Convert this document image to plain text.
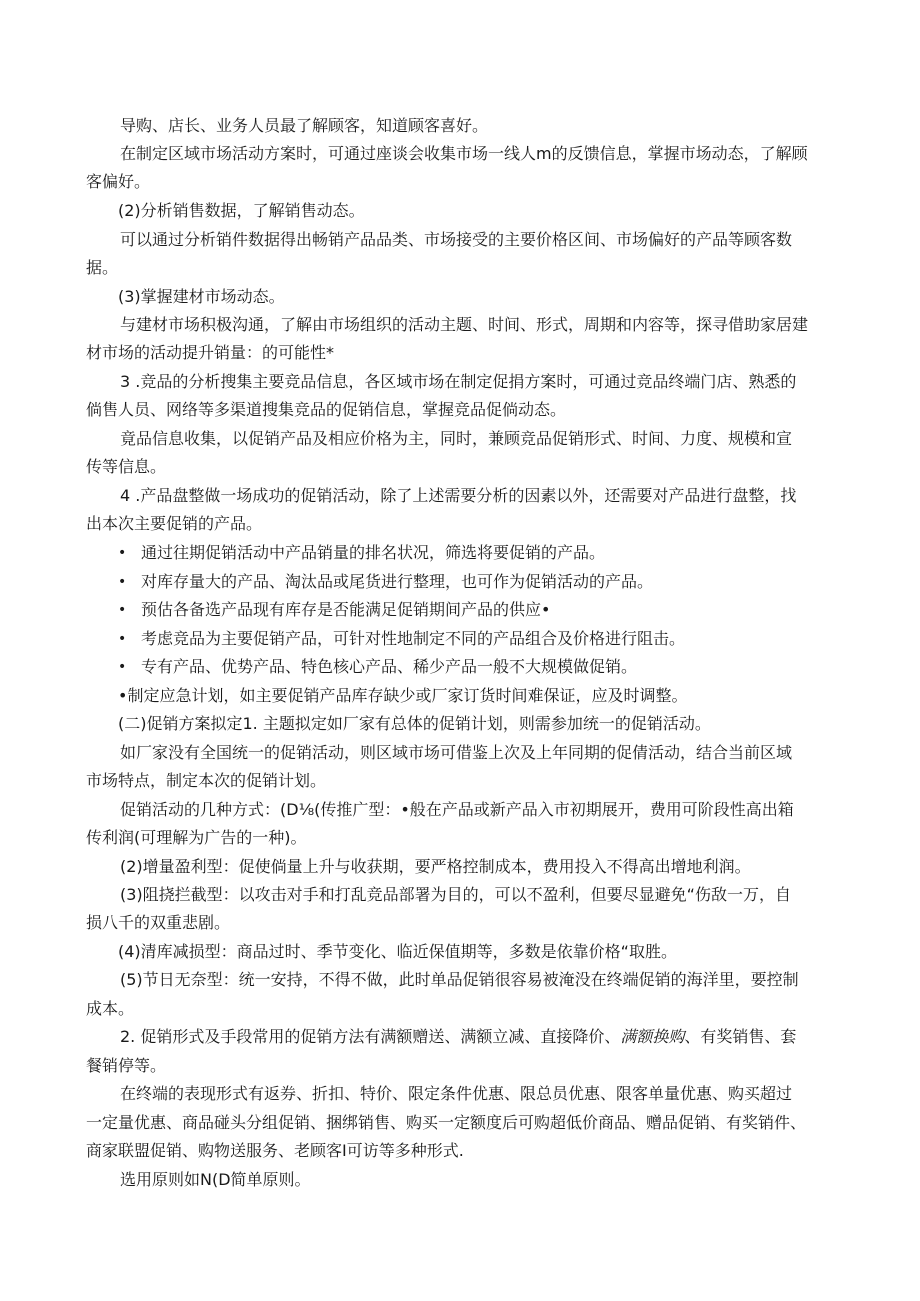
导购、店长、业务人员最了解顾客，知道顾客喜好。
在制定区域市场活动方案时，可通过座谈会收集市场一线人m的反馈信息，掌握市场动态，了解顾
客偏好。
(2)分析销售数据，了解销售动态。
可以通过分析销件数据得出畅销产品品类、市场接受的主要价格区间、市场偏好的产品等顾客数
据。
(3)掌握建材市场动态。
与建材市场积极沟通，了解由市场组织的活动主题、时间、形式，周期和内容等，探寻借助家居建
材市场的活动提升销量：的可能性*
3 .竞品的分析搜集主要竞品信息，各区域市场在制定促捐方案时，可通过竞品终端门店、熟悉的
倘售人员、网络等多渠道搜集竞品的促销信息，掌握竞品促倘动态。
竟品信息收集，以促销产品及相应价格为主，同时，兼顾竞品促销形式、时间、力度、规模和宣
传等信息。
4 .产品盘整做一场成功的促销活动，除了上述需要分析的因素以外，还需要对产品进行盘整，找
出本次主要促销的产品。
• 通过往期促销活动中产品销量的排名状况，筛选将要促销的产品。
• 对库存量大的产品、淘汰品或尾货进行整理，也可作为促销活动的产品。
• 预估各备选产品现有库存是否能满足促销期间产品的供应•
• 考虑竞品为主要促销产品，可针对性地制定不同的产品组合及价格进行阻击。
• 专有产品、优势产品、特色核心产品、稀少产品一般不大规模做促销。
•制定应急计划，如主要促销产品库存缺少或厂家订货时间难保证，应及时调整。
(二)促销方案拟定1. 主题拟定如厂家有总体的促销计划，则需参加统一的促销活动。
如厂家没有全国统一的促销活动，则区域市场可借鉴上次及上年同期的促倩活动，结合当前区域
市场特点，制定本次的促销计划。
促销活动的几种方式：(D⅛(传推广型：•般在产品或新产品入市初期展开，费用可阶段性高出箱
传利润(可理解为广告的一种)。
(2)增量盈利型：促使倘量上升与收获期，要严格控制成本，费用投入不得高出增地利润。
(3)阻挠拦截型：以攻击对手和打乱竞品部署为目的，可以不盈利，但要尽显避免“伤敌一万，自
损八千的双重悲剧。
(4)清库减损型：商品过时、季节变化、临近保值期等，多数是依靠价格“取胜。
(5)节日无奈型：统一安持，不得不做，此时单品促销很容易被淹没在终端促销的海洋里，要控制
成本。
2. 促销形式及手段常用的促销方法有满额赠送、满额立减、直接降价、满额换购、有奖销售、套
餐销停等。
在终端的表现形式有返券、折扣、特价、限定条件优惠、限总员优惠、限客单量优惠、购买超过
一定量优惠、商品碰头分组促销、捆绑销售、购买一定额度后可购超低价商品、赠品促销、有奖销件、
商家联盟促销、购物送服务、老顾客I可访等多种形式.
选用原则如N(D简单原则。
